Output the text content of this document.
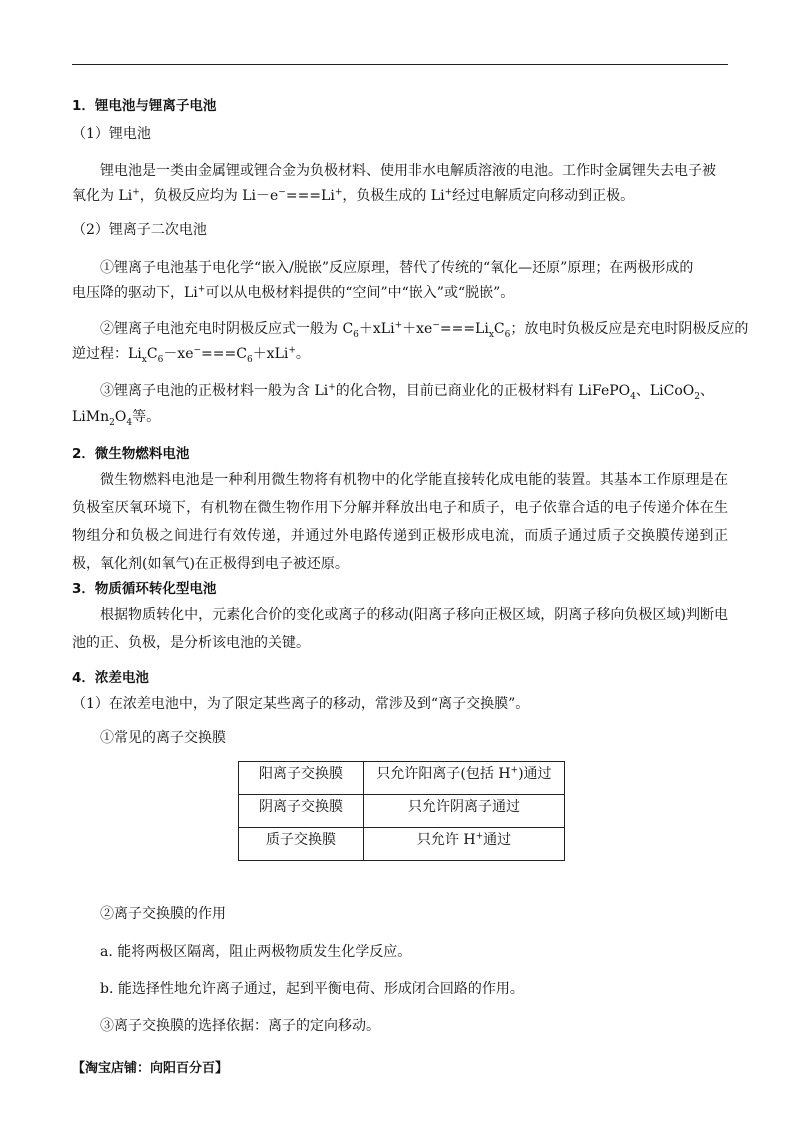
1．锂电池与锂离子电池
（1）锂电池
锂电池是一类由金属锂或锂合金为负极材料、使用非水电解质溶液的电池。工作时金属锂失去电子被
氧化为 Li+，负极反应均为 Li－e−===Li+，负极生成的 Li+经过电解质定向移动到正极。
（2）锂离子二次电池
①锂离子电池基于电化学“嵌入/脱嵌”反应原理，替代了传统的“氧化—还原”原理；在两极形成的
电压降的驱动下，Li+可以从电极材料提供的“空间”中“嵌入”或“脱嵌”。
②锂离子电池充电时阴极反应式一般为 $C_6+xLi^++xe^-===Li_xC_6$；放电时负极反应是充电时阴极反应的
逆过程：$Li_xC_6-xe^-===C_6+xLi^+$。
③锂离子电池的正极材料一般为含 Li+的化合物，目前已商业化的正极材料有 LiFePO$_4$、LiCoO$_2$、
$LiMn_2O_4$等。
2．微生物燃料电池
微生物燃料电池是一种利用微生物将有机物中的化学能直接转化成电能的装置。其基本工作原理是在负极室厌氧环境下，有机物在微生物作用下分解并释放出电子和质子，电子依靠合适的电子传递介体在生物组分和负极之间进行有效传递，并通过外电路传递到正极形成电流，而质子通过质子交换膜传递到正极，氧化剂(如氧气)在正极得到电子被还原。
3．物质循环转化型电池
根据物质转化中，元素化合价的变化或离子的移动(阳离子移向正极区域，阴离子移向负极区域)判断电池的正、负极，是分析该电池的关键。
4．浓差电池
（1）在浓差电池中，为了限定某些离子的移动，常涉及到“离子交换膜”。
①常见的离子交换膜
阳离子交换膜	只允许阳离子(包括 H+)通过
阴离子交换膜	只允许阴离子通过
质子交换膜	只允许 H+通过
②离子交换膜的作用
a. 能将两极区隔离，阻止两极物质发生化学反应。
b. 能选择性地允许离子通过，起到平衡电荷、形成闭合回路的作用。
③离子交换膜的选择依据：离子的定向移动。
【淘宝店铺：向阳百分百】
